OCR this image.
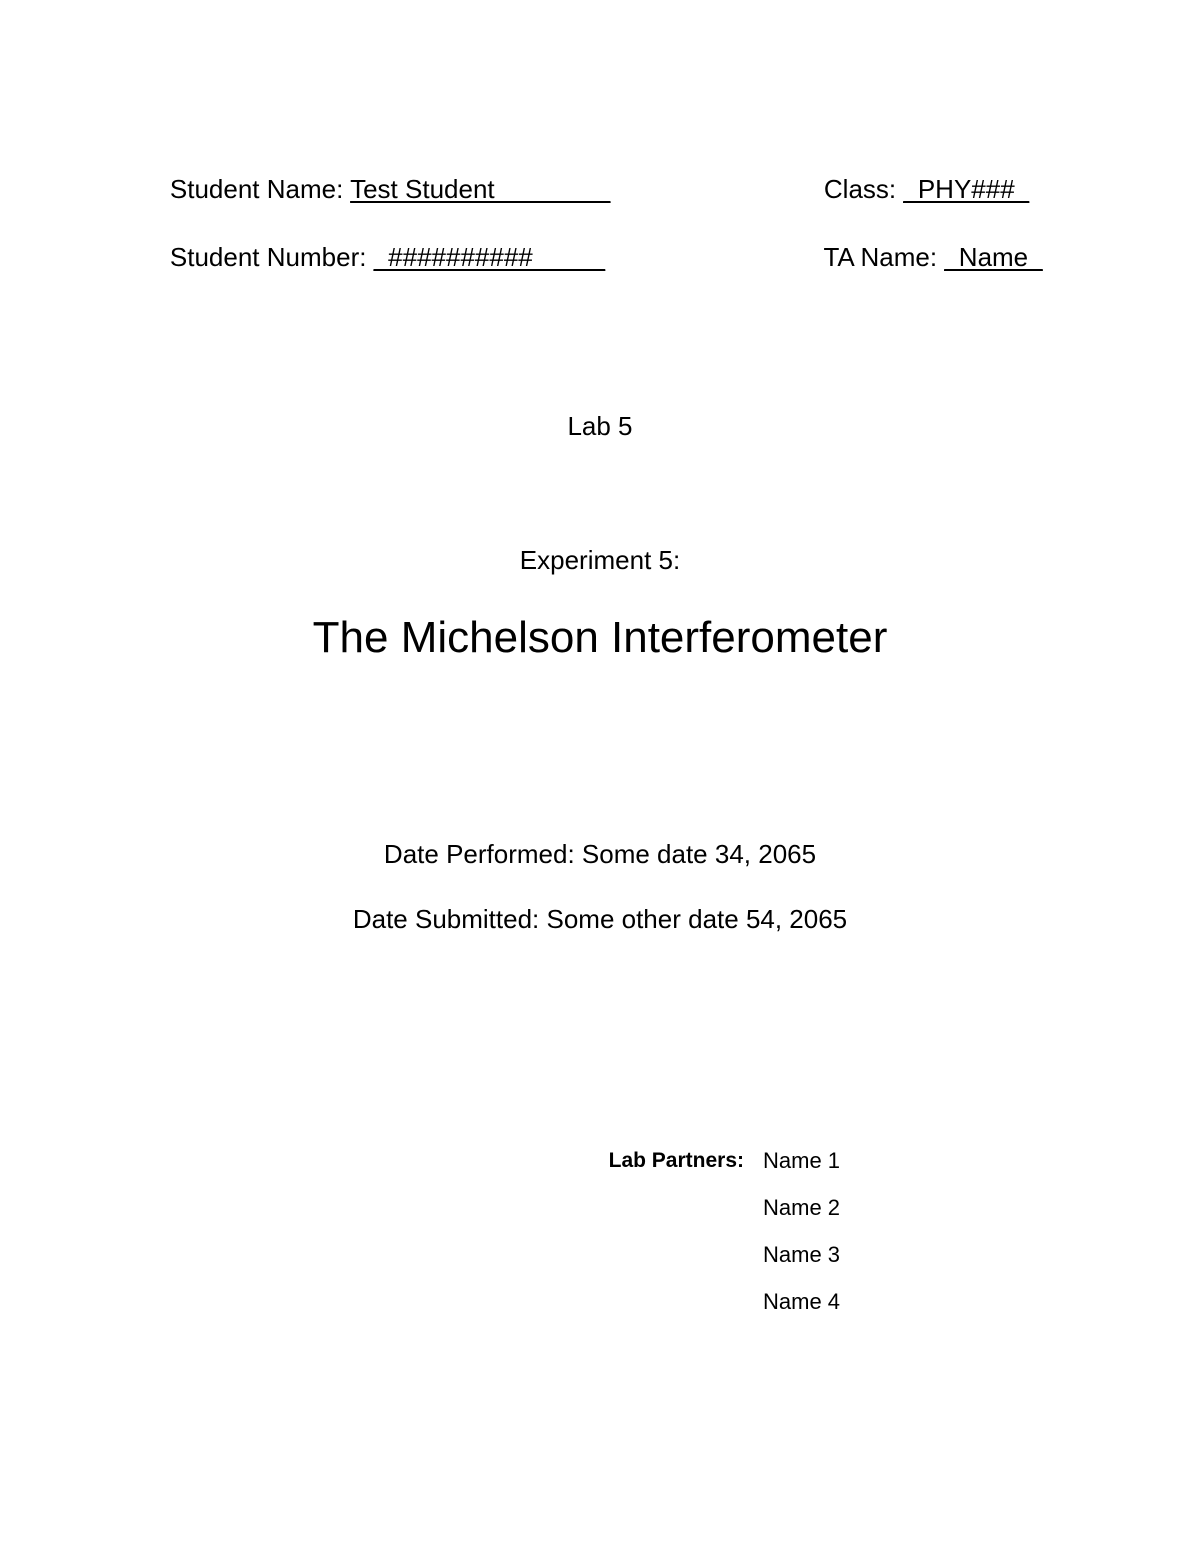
Student Name: Test Student________
	Class: _PHY###_

Student Number: _##########_____
	TA Name: _Name_

Lab 5
Experiment 5:
The Michelson Interferometer
Date Performed: Some date 34, 2065
Date Submitted: Some other date 54, 2065
Lab Partners: Name 1
Name 2
Name 3
Name 4
